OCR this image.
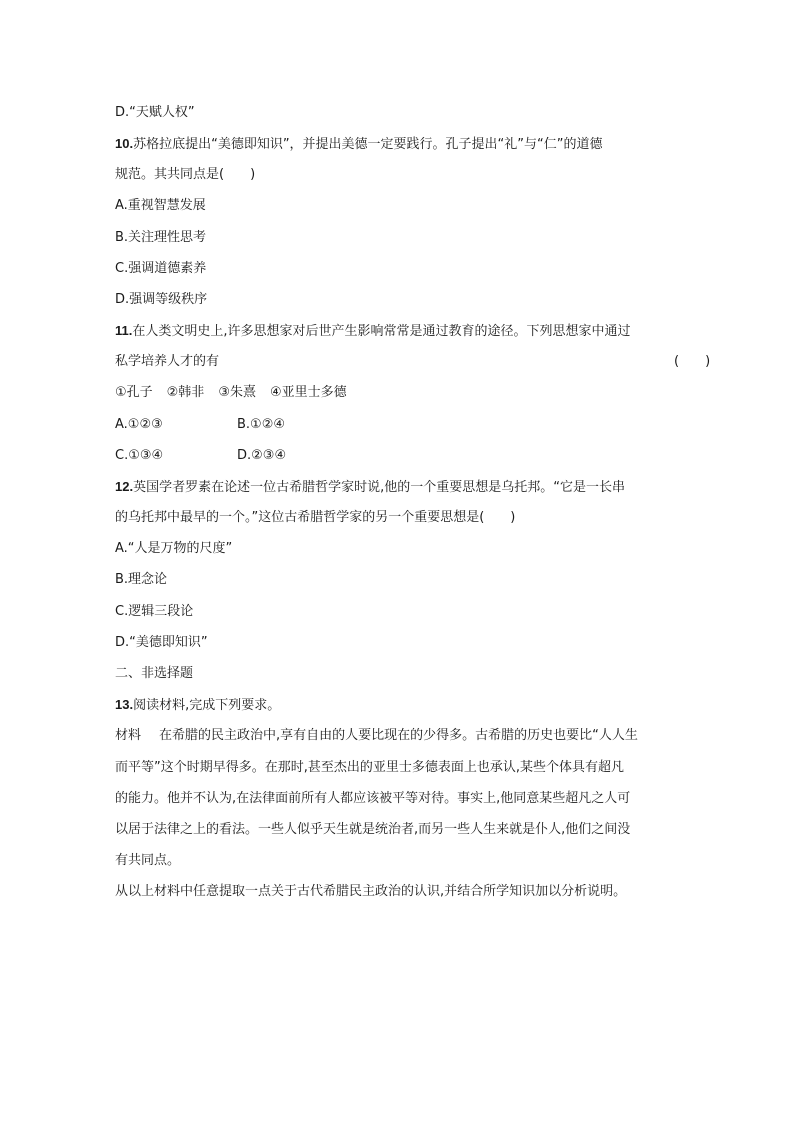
D.“天赋人权”
10.苏格拉底提出“美德即知识”，并提出美德一定要践行。孔子提出“礼”与“仁”的道德
规范。其共同点是(　　)
A.重视智慧发展
B.关注理性思考
C.强调道德素养
D.强调等级秩序
11.在人类文明史上,许多思想家对后世产生影响常常是通过教育的途径。下列思想家中通过
私学培养人才的有	(　　)
①孔子 ②韩非 ③朱熹 ④亚里士多德
A.①②③	B.①②④
C.①③④	D.②③④
12.英国学者罗素在论述一位古希腊哲学家时说,他的一个重要思想是乌托邦。“它是一长串
的乌托邦中最早的一个。”这位古希腊哲学家的另一个重要思想是(　　)
A.“人是万物的尺度”
B.理念论
C.逻辑三段论
D.“美德即知识”
二、非选择题
13.阅读材料,完成下列要求。
材料 在希腊的民主政治中,享有自由的人要比现在的少得多。古希腊的历史也要比“人人生
而平等”这个时期早得多。在那时,甚至杰出的亚里士多德表面上也承认,某些个体具有超凡
的能力。他并不认为,在法律面前所有人都应该被平等对待。事实上,他同意某些超凡之人可
以居于法律之上的看法。一些人似乎天生就是统治者,而另一些人生来就是仆人,他们之间没
有共同点。
从以上材料中任意提取一点关于古代希腊民主政治的认识,并结合所学知识加以分析说明。
